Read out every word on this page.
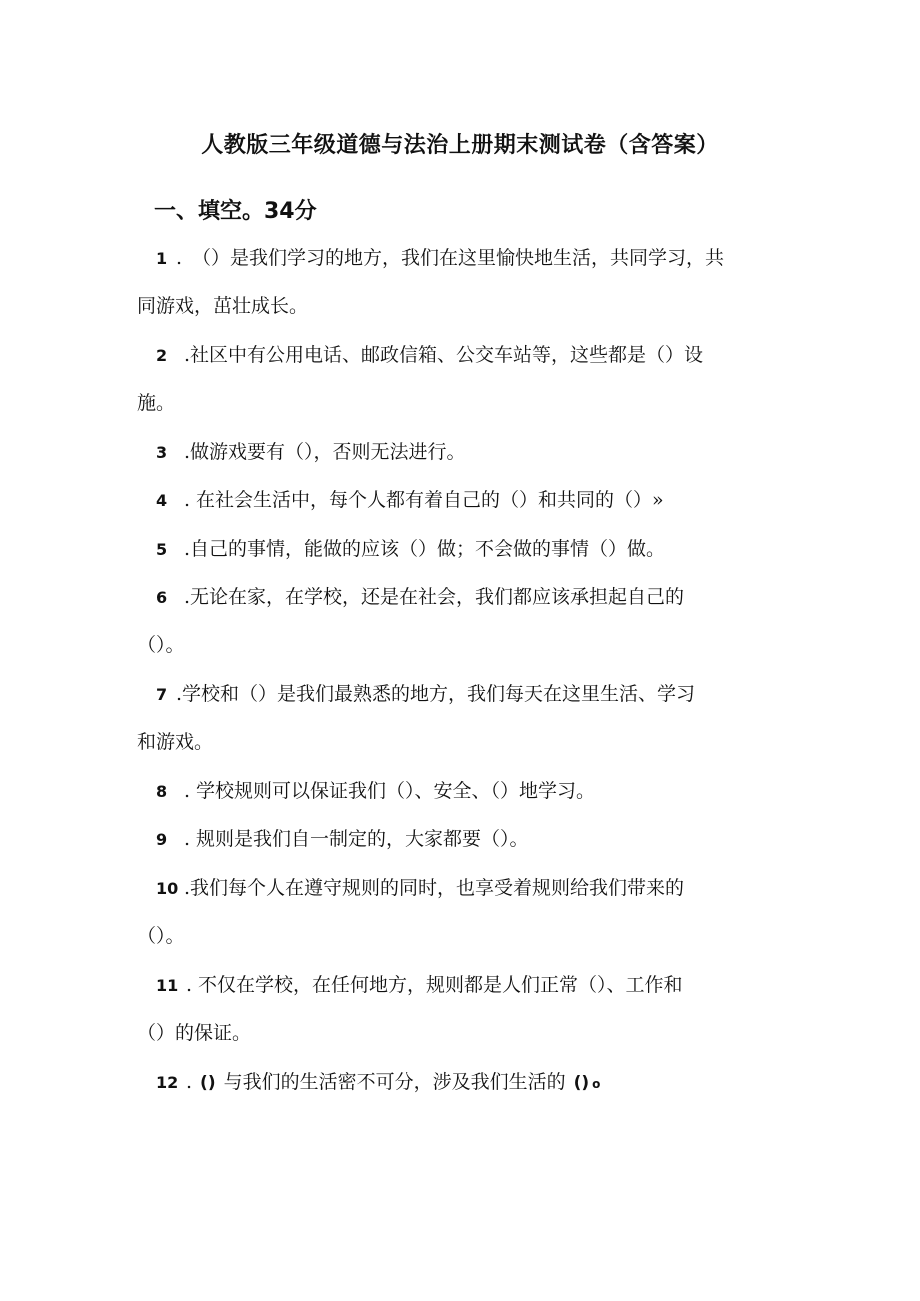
人教版三年级道德与法治上册期末测试卷（含答案）
一、填空。34分
1 . （）是我们学习的地方，我们在这里愉快地生活，共同学习，共
同游戏，茁壮成长。
2 .社区中有公用电话、邮政信箱、公交车站等，这些都是（）设
施。
3 .做游戏要有（），否则无法进行。
4 . 在社会生活中，每个人都有着自己的（）和共同的（）»
5 .自己的事情，能做的应该（）做；不会做的事情（）做。
6 .无论在家，在学校，还是在社会，我们都应该承担起自己的
（）。
7 .学校和（）是我们最熟悉的地方，我们每天在这里生活、学习
和游戏。
8 . 学校规则可以保证我们（）、安全、（）地学习。
9 . 规则是我们自一制定的，大家都要（）。
10 .我们每个人在遵守规则的同时，也享受着规则给我们带来的
（）。
11 . 不仅在学校，在任何地方，规则都是人们正常（）、工作和
（）的保证。
12 . () 与我们的生活密不可分，涉及我们生活的 () o
